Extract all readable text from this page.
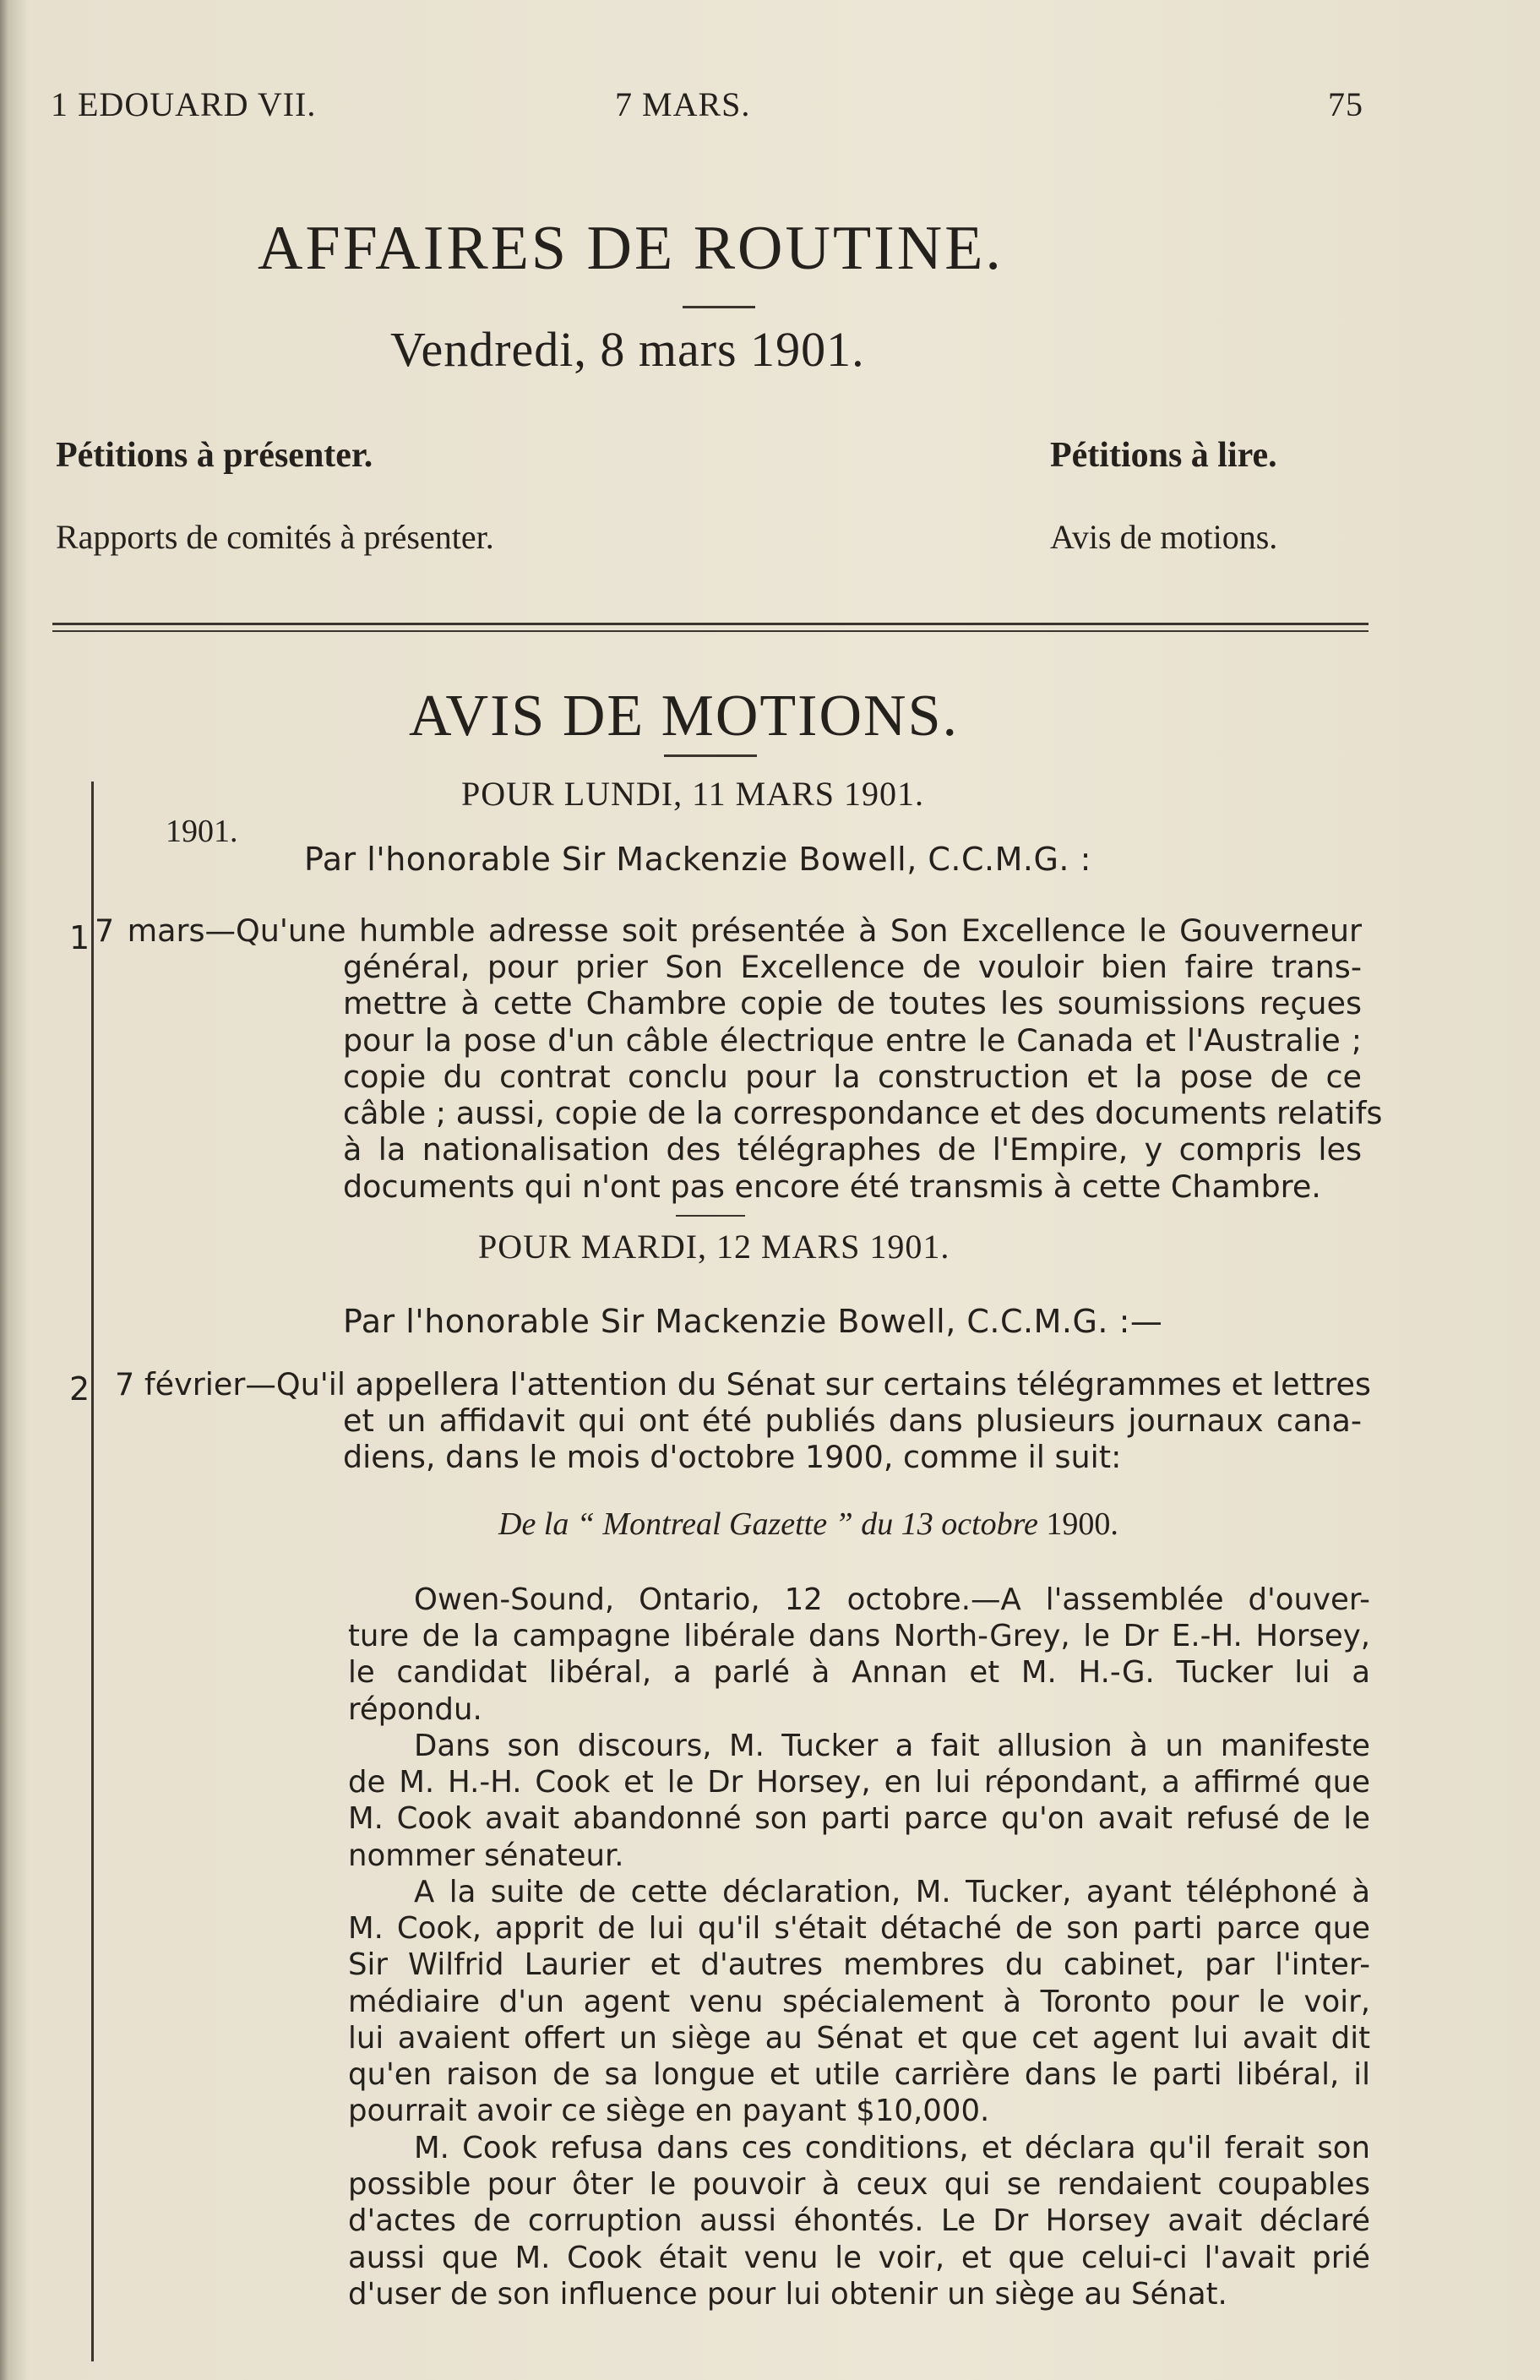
1 EDOUARD VII.	7 MARS.	75
AFFAIRES DE ROUTINE.
Vendredi, 8 mars 1901.
Pétitions à présenter.	Pétitions à lire.
Rapports de comités à présenter.	Avis de motions.
AVIS DE MOTIONS.
POUR LUNDI, 11 MARS 1901.
1901.
Par l'honorable Sir Mackenzie Bowell, C.C.M.G. :
1 7 mars—Qu'une humble adresse soit présentée à Son Excellence le Gouverneur
général, pour prier Son Excellence de vouloir bien faire trans-
mettre à cette Chambre copie de toutes les soumissions reçues
pour la pose d'un câble électrique entre le Canada et l'Australie ;
copie du contrat conclu pour la construction et la pose de ce
câble ; aussi, copie de la correspondance et des documents relatifs
à la nationalisation des télégraphes de l'Empire, y compris les
documents qui n'ont pas encore été transmis à cette Chambre.
POUR MARDI, 12 MARS 1901.
Par l'honorable Sir Mackenzie Bowell, C.C.M.G. :—
2 7 février—Qu'il appellera l'attention du Sénat sur certains télégrammes et lettres
et un affidavit qui ont été publiés dans plusieurs journaux cana-
diens, dans le mois d'octobre 1900, comme il suit:
De la “ Montreal Gazette ” du 13 octobre 1900.
Owen-Sound, Ontario, 12 octobre.—A l'assemblée d'ouver-
ture de la campagne libérale dans North-Grey, le Dr E.-H. Horsey,
le candidat libéral, a parlé à Annan et M. H.-G. Tucker lui a
répondu.
Dans son discours, M. Tucker a fait allusion à un manifeste
de M. H.-H. Cook et le Dr Horsey, en lui répondant, a affirmé que
M. Cook avait abandonné son parti parce qu'on avait refusé de le
nommer sénateur.
A la suite de cette déclaration, M. Tucker, ayant téléphoné à
M. Cook, apprit de lui qu'il s'était détaché de son parti parce que
Sir Wilfrid Laurier et d'autres membres du cabinet, par l'inter-
médiaire d'un agent venu spécialement à Toronto pour le voir,
lui avaient offert un siège au Sénat et que cet agent lui avait dit
qu'en raison de sa longue et utile carrière dans le parti libéral, il
pourrait avoir ce siège en payant $10,000.
M. Cook refusa dans ces conditions, et déclara qu'il ferait son
possible pour ôter le pouvoir à ceux qui se rendaient coupables
d'actes de corruption aussi éhontés. Le Dr Horsey avait déclaré
aussi que M. Cook était venu le voir, et que celui-ci l'avait prié
d'user de son influence pour lui obtenir un siège au Sénat.
